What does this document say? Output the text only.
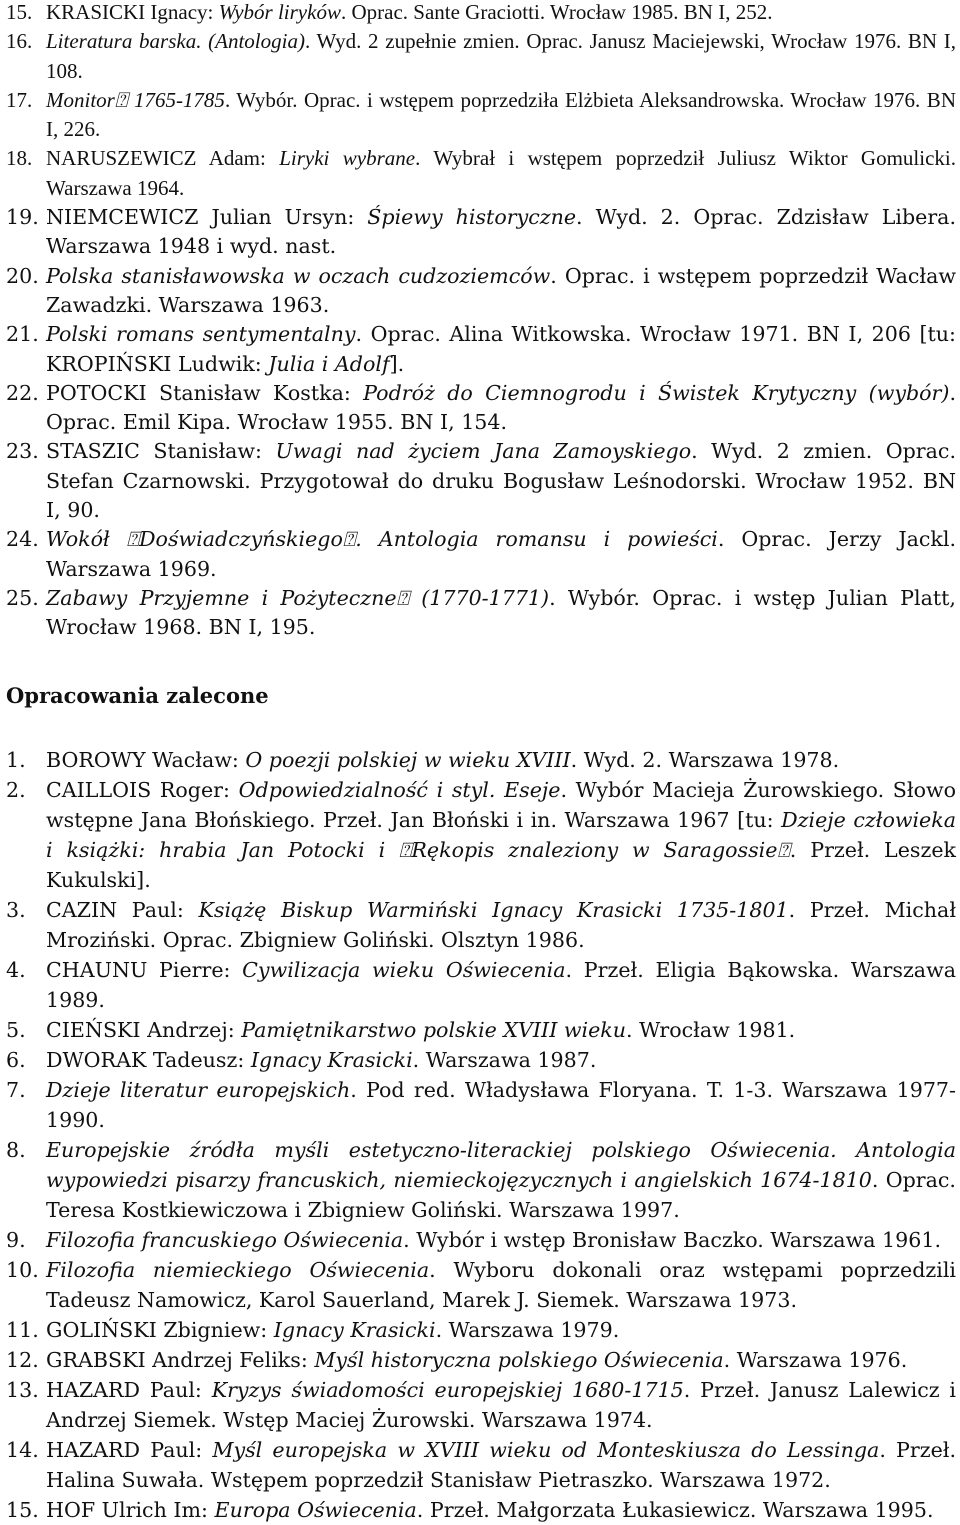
15. KRASICKI Ignacy: Wybór liryków. Oprac. Sante Graciotti. Wrocław 1985. BN I, 252.
16. Literatura barska. (Antologia). Wyd. 2 zupełnie zmien. Oprac. Janusz Maciejewski, Wrocław 1976. BN I, 108.
17. Monitor⍰ 1765-1785. Wybór. Oprac. i wstępem poprzedziła Elżbieta Aleksandrowska. Wrocław 1976. BN I, 226.
18. NARUSZEWICZ Adam: Liryki wybrane. Wybrał i wstępem poprzedził Juliusz Wiktor Gomulicki. Warszawa 1964.
19. NIEMCEWICZ Julian Ursyn: Śpiewy historyczne. Wyd. 2. Oprac. Zdzisław Libera. Warszawa 1948 i wyd. nast.
20. Polska stanisławowska w oczach cudzoziemców. Oprac. i wstępem poprzedził Wacław Zawadzki. Warszawa 1963.
21. Polski romans sentymentalny. Oprac. Alina Witkowska. Wrocław 1971. BN I, 206 [tu: KROPIŃSKI Ludwik: Julia i Adolf].
22. POTOCKI Stanisław Kostka: Podróż do Ciemnogrodu i Świstek Krytyczny (wybór). Oprac. Emil Kipa. Wrocław 1955. BN I, 154.
23. STASZIC Stanisław: Uwagi nad życiem Jana Zamoyskiego. Wyd. 2 zmien. Oprac. Stefan Czarnowski. Przygotował do druku Bogusław Leśnodorski. Wrocław 1952. BN I, 90.
24. Wokół ⍰Doświadczyńskiego⍰. Antologia romansu i powieści. Oprac. Jerzy Jackl. Warszawa 1969.
25. Zabawy Przyjemne i Pożyteczne⍰ (1770-1771). Wybór. Oprac. i wstęp Julian Platt, Wrocław 1968. BN I, 195.
Opracowania zalecone
1. BOROWY Wacław: O poezji polskiej w wieku XVIII. Wyd. 2. Warszawa 1978.
2. CAILLOIS Roger: Odpowiedzialność i styl. Eseje. Wybór Macieja Żurowskiego. Słowo wstępne Jana Błońskiego. Przeł. Jan Błoński i in. Warszawa 1967 [tu: Dzieje człowieka i książki: hrabia Jan Potocki i ⍰Rękopis znaleziony w Saragossie⍰. Przeł. Leszek Kukulski].
3. CAZIN Paul: Książę Biskup Warmiński Ignacy Krasicki 1735-1801. Przeł. Michał Mroziński. Oprac. Zbigniew Goliński. Olsztyn 1986.
4. CHAUNU Pierre: Cywilizacja wieku Oświecenia. Przeł. Eligia Bąkowska. Warszawa 1989.
5. CIEŃSKI Andrzej: Pamiętnikarstwo polskie XVIII wieku. Wrocław 1981.
6. DWORAK Tadeusz: Ignacy Krasicki. Warszawa 1987.
7. Dzieje literatur europejskich. Pod red. Władysława Floryana. T. 1-3. Warszawa 1977-1990.
8. Europejskie źródła myśli estetyczno-literackiej polskiego Oświecenia. Antologia wypowiedzi pisarzy francuskich, niemieckojęzycznych i angielskich 1674-1810. Oprac. Teresa Kostkiewiczowa i Zbigniew Goliński. Warszawa 1997.
9. Filozofia francuskiego Oświecenia. Wybór i wstęp Bronisław Baczko. Warszawa 1961.
10. Filozofia niemieckiego Oświecenia. Wyboru dokonali oraz wstępami poprzedzili Tadeusz Namowicz, Karol Sauerland, Marek J. Siemek. Warszawa 1973.
11. GOLIŃSKI Zbigniew: Ignacy Krasicki. Warszawa 1979.
12. GRABSKI Andrzej Feliks: Myśl historyczna polskiego Oświecenia. Warszawa 1976.
13. HAZARD Paul: Kryzys świadomości europejskiej 1680-1715. Przeł. Janusz Lalewicz i Andrzej Siemek. Wstęp Maciej Żurowski. Warszawa 1974.
14. HAZARD Paul: Myśl europejska w XVIII wieku od Monteskiusza do Lessinga. Przeł. Halina Suwała. Wstępem poprzedził Stanisław Pietraszko. Warszawa 1972.
15. HOF Ulrich Im: Europa Oświecenia. Przeł. Małgorzata Łukasiewicz. Warszawa 1995.
